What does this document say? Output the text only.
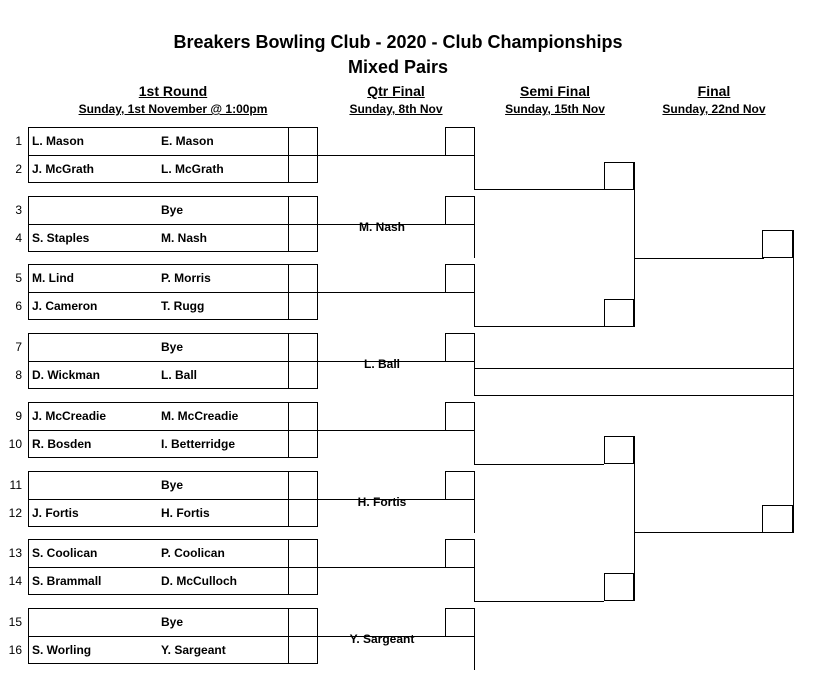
Breakers Bowling Club - 2020 - Club Championships
Mixed Pairs
1st Round
Sunday, 1st November @ 1:00pm
Qtr Final
Sunday, 8th Nov
Semi Final
Sunday, 15th Nov
Final
Sunday, 22nd Nov
1 L. Mason	E. Mason
2 J. McGrath	L. McGrath
3	Bye
4 S. Staples	M. Nash
M. Nash
5 M. Lind	P. Morris
6 J. Cameron	T. Rugg
7	Bye
8 D. Wickman	L. Ball
L. Ball
9 J. McCreadie	M. McCreadie
10 R. Bosden	I. Betterridge
11	Bye
12 J. Fortis	H. Fortis
H. Fortis
13 S. Coolican	P. Coolican
14 S. Brammall	D. McCulloch
15	Bye
16 S. Worling	Y. Sargeant
Y. Sargeant
